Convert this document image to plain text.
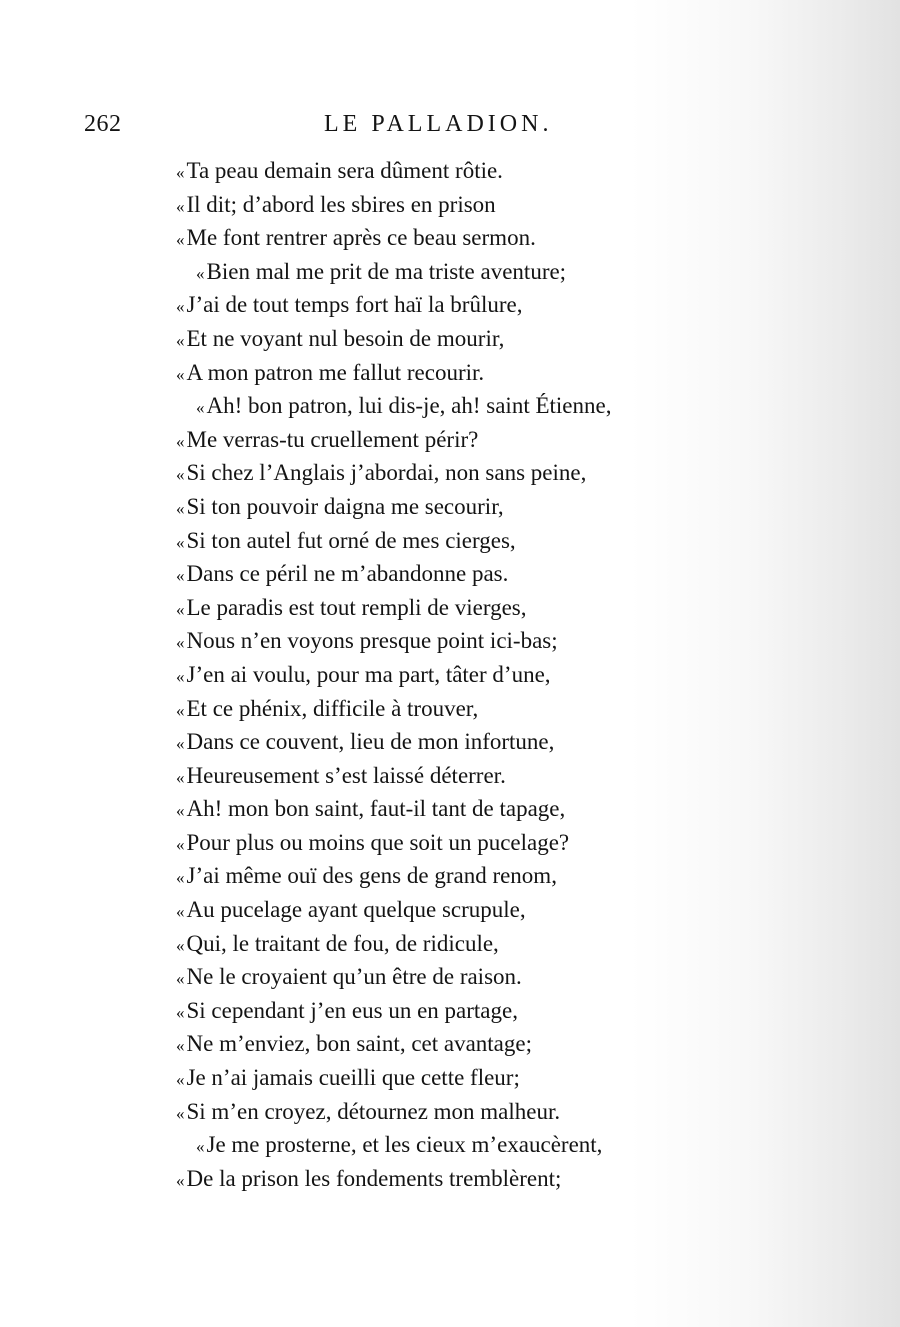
262	LE PALLADION.
«Ta peau demain sera dûment rôtie.
«Il dit; d’abord les sbires en prison
«Me font rentrer après ce beau sermon.
«Bien mal me prit de ma triste aventure;
«J’ai de tout temps fort haï la brûlure,
«Et ne voyant nul besoin de mourir,
«A mon patron me fallut recourir.
«Ah! bon patron, lui dis-je, ah! saint Étienne,
«Me verras-tu cruellement périr?
«Si chez l’Anglais j’abordai, non sans peine,
«Si ton pouvoir daigna me secourir,
«Si ton autel fut orné de mes cierges,
«Dans ce péril ne m’abandonne pas.
«Le paradis est tout rempli de vierges,
«Nous n’en voyons presque point ici-bas;
«J’en ai voulu, pour ma part, tâter d’une,
«Et ce phénix, difficile à trouver,
«Dans ce couvent, lieu de mon infortune,
«Heureusement s’est laissé déterrer.
«Ah! mon bon saint, faut-il tant de tapage,
«Pour plus ou moins que soit un pucelage?
«J’ai même ouï des gens de grand renom,
«Au pucelage ayant quelque scrupule,
«Qui, le traitant de fou, de ridicule,
«Ne le croyaient qu’un être de raison.
«Si cependant j’en eus un en partage,
«Ne m’enviez, bon saint, cet avantage;
«Je n’ai jamais cueilli que cette fleur;
«Si m’en croyez, détournez mon malheur.
«Je me prosterne, et les cieux m’exaucèrent,
«De la prison les fondements tremblèrent;
